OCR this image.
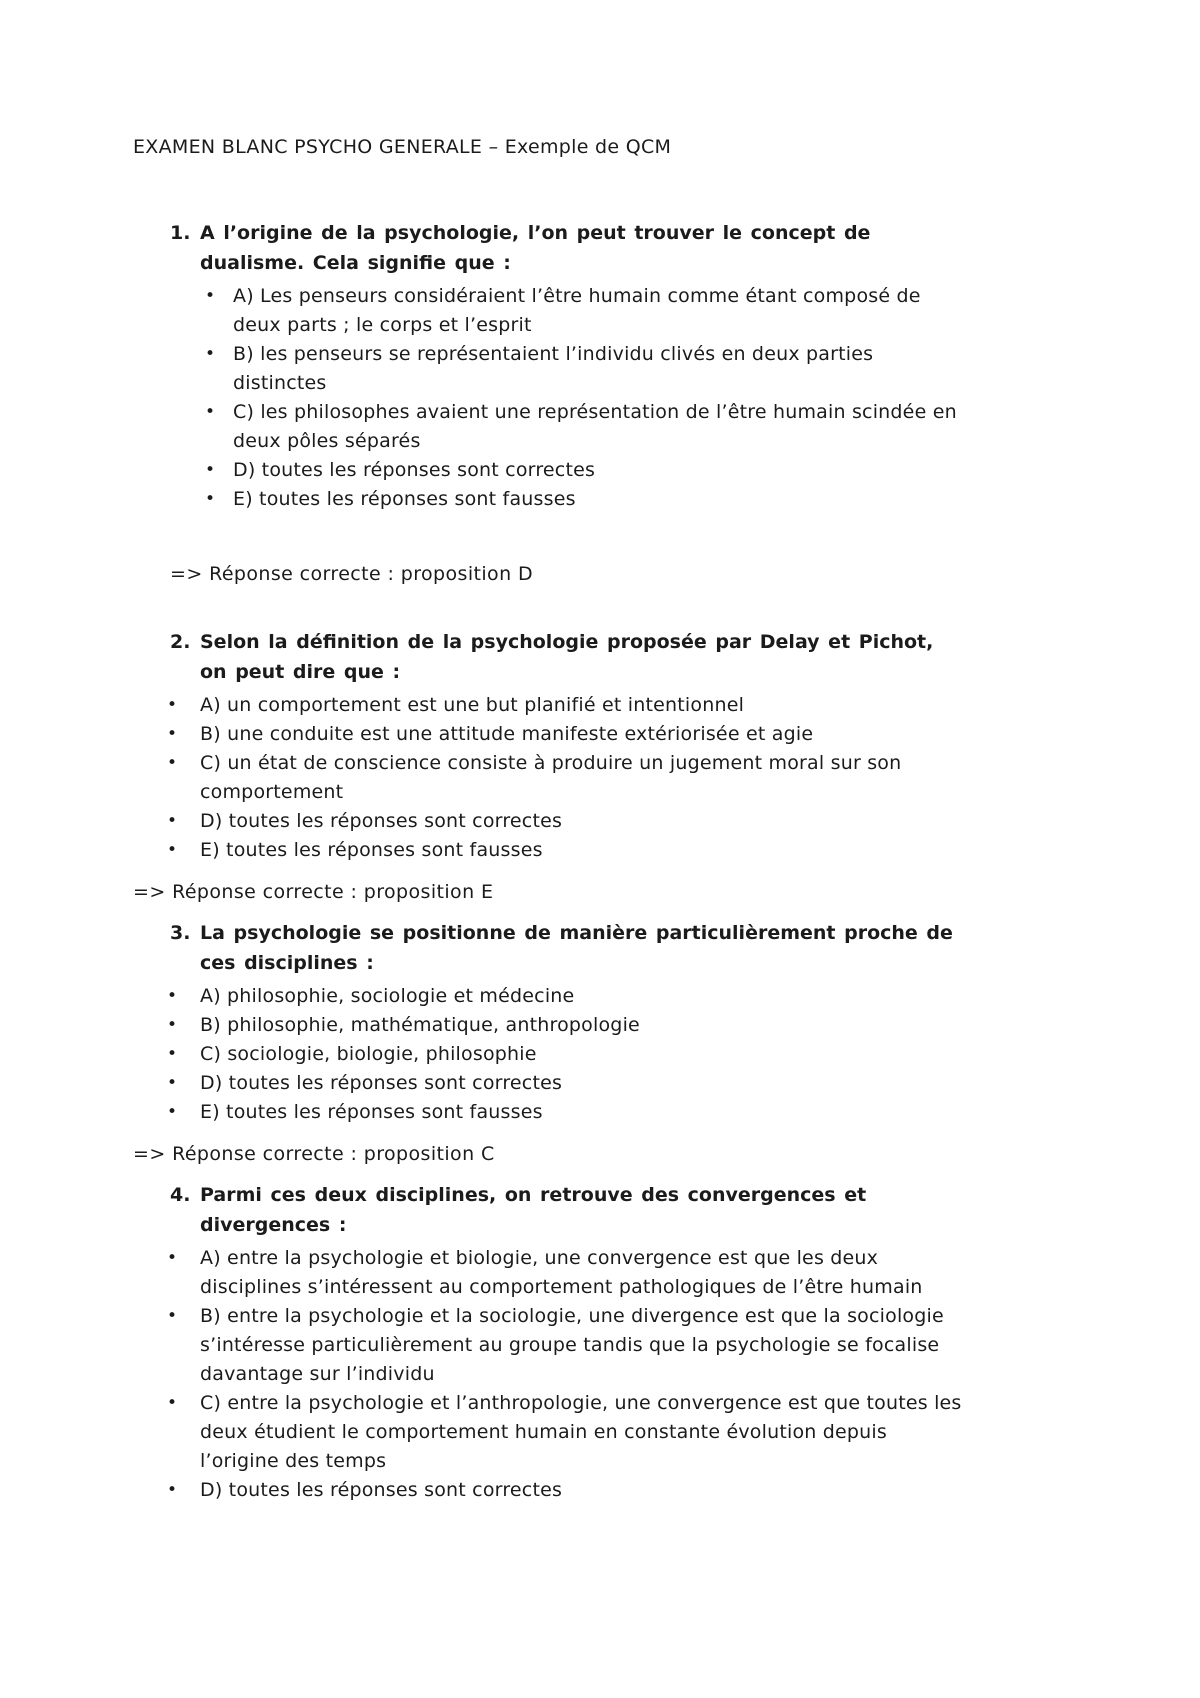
EXAMEN BLANC PSYCHO GENERALE – Exemple de QCM

1. A l’origine de la psychologie, l’on peut trouver le concept de dualisme. Cela signifie que :

• A) Les penseurs considéraient l’être humain comme étant composé de deux parts ; le corps et l’esprit
• B) les penseurs se représentaient l’individu clivés en deux parties distinctes
• C) les philosophes avaient une représentation de l’être humain scindée en deux pôles séparés
• D) toutes les réponses sont correctes
• E) toutes les réponses sont fausses

=> Réponse correcte : proposition D

2. Selon la définition de la psychologie proposée par Delay et Pichot, on peut dire que :

• A) un comportement est une but planifié et intentionnel
• B) une conduite est une attitude manifeste extériorisée et agie
• C) un état de conscience consiste à produire un jugement moral sur son comportement
• D) toutes les réponses sont correctes
• E) toutes les réponses sont fausses

=> Réponse correcte : proposition E

3. La psychologie se positionne de manière particulièrement proche de ces disciplines :

• A) philosophie, sociologie et médecine
• B) philosophie, mathématique, anthropologie
• C) sociologie, biologie, philosophie
• D) toutes les réponses sont correctes
• E) toutes les réponses sont fausses

=> Réponse correcte : proposition C

4. Parmi ces deux disciplines, on retrouve des convergences et divergences :

• A) entre la psychologie et biologie, une convergence est que les deux disciplines s’intéressent au comportement pathologiques de l’être humain
• B) entre la psychologie et la sociologie, une divergence est que la sociologie s’intéresse particulièrement au groupe tandis que la psychologie se focalise davantage sur l’individu
• C) entre la psychologie et l’anthropologie, une convergence est que toutes les deux étudient le comportement humain en constante évolution depuis l’origine des temps
• D) toutes les réponses sont correctes
